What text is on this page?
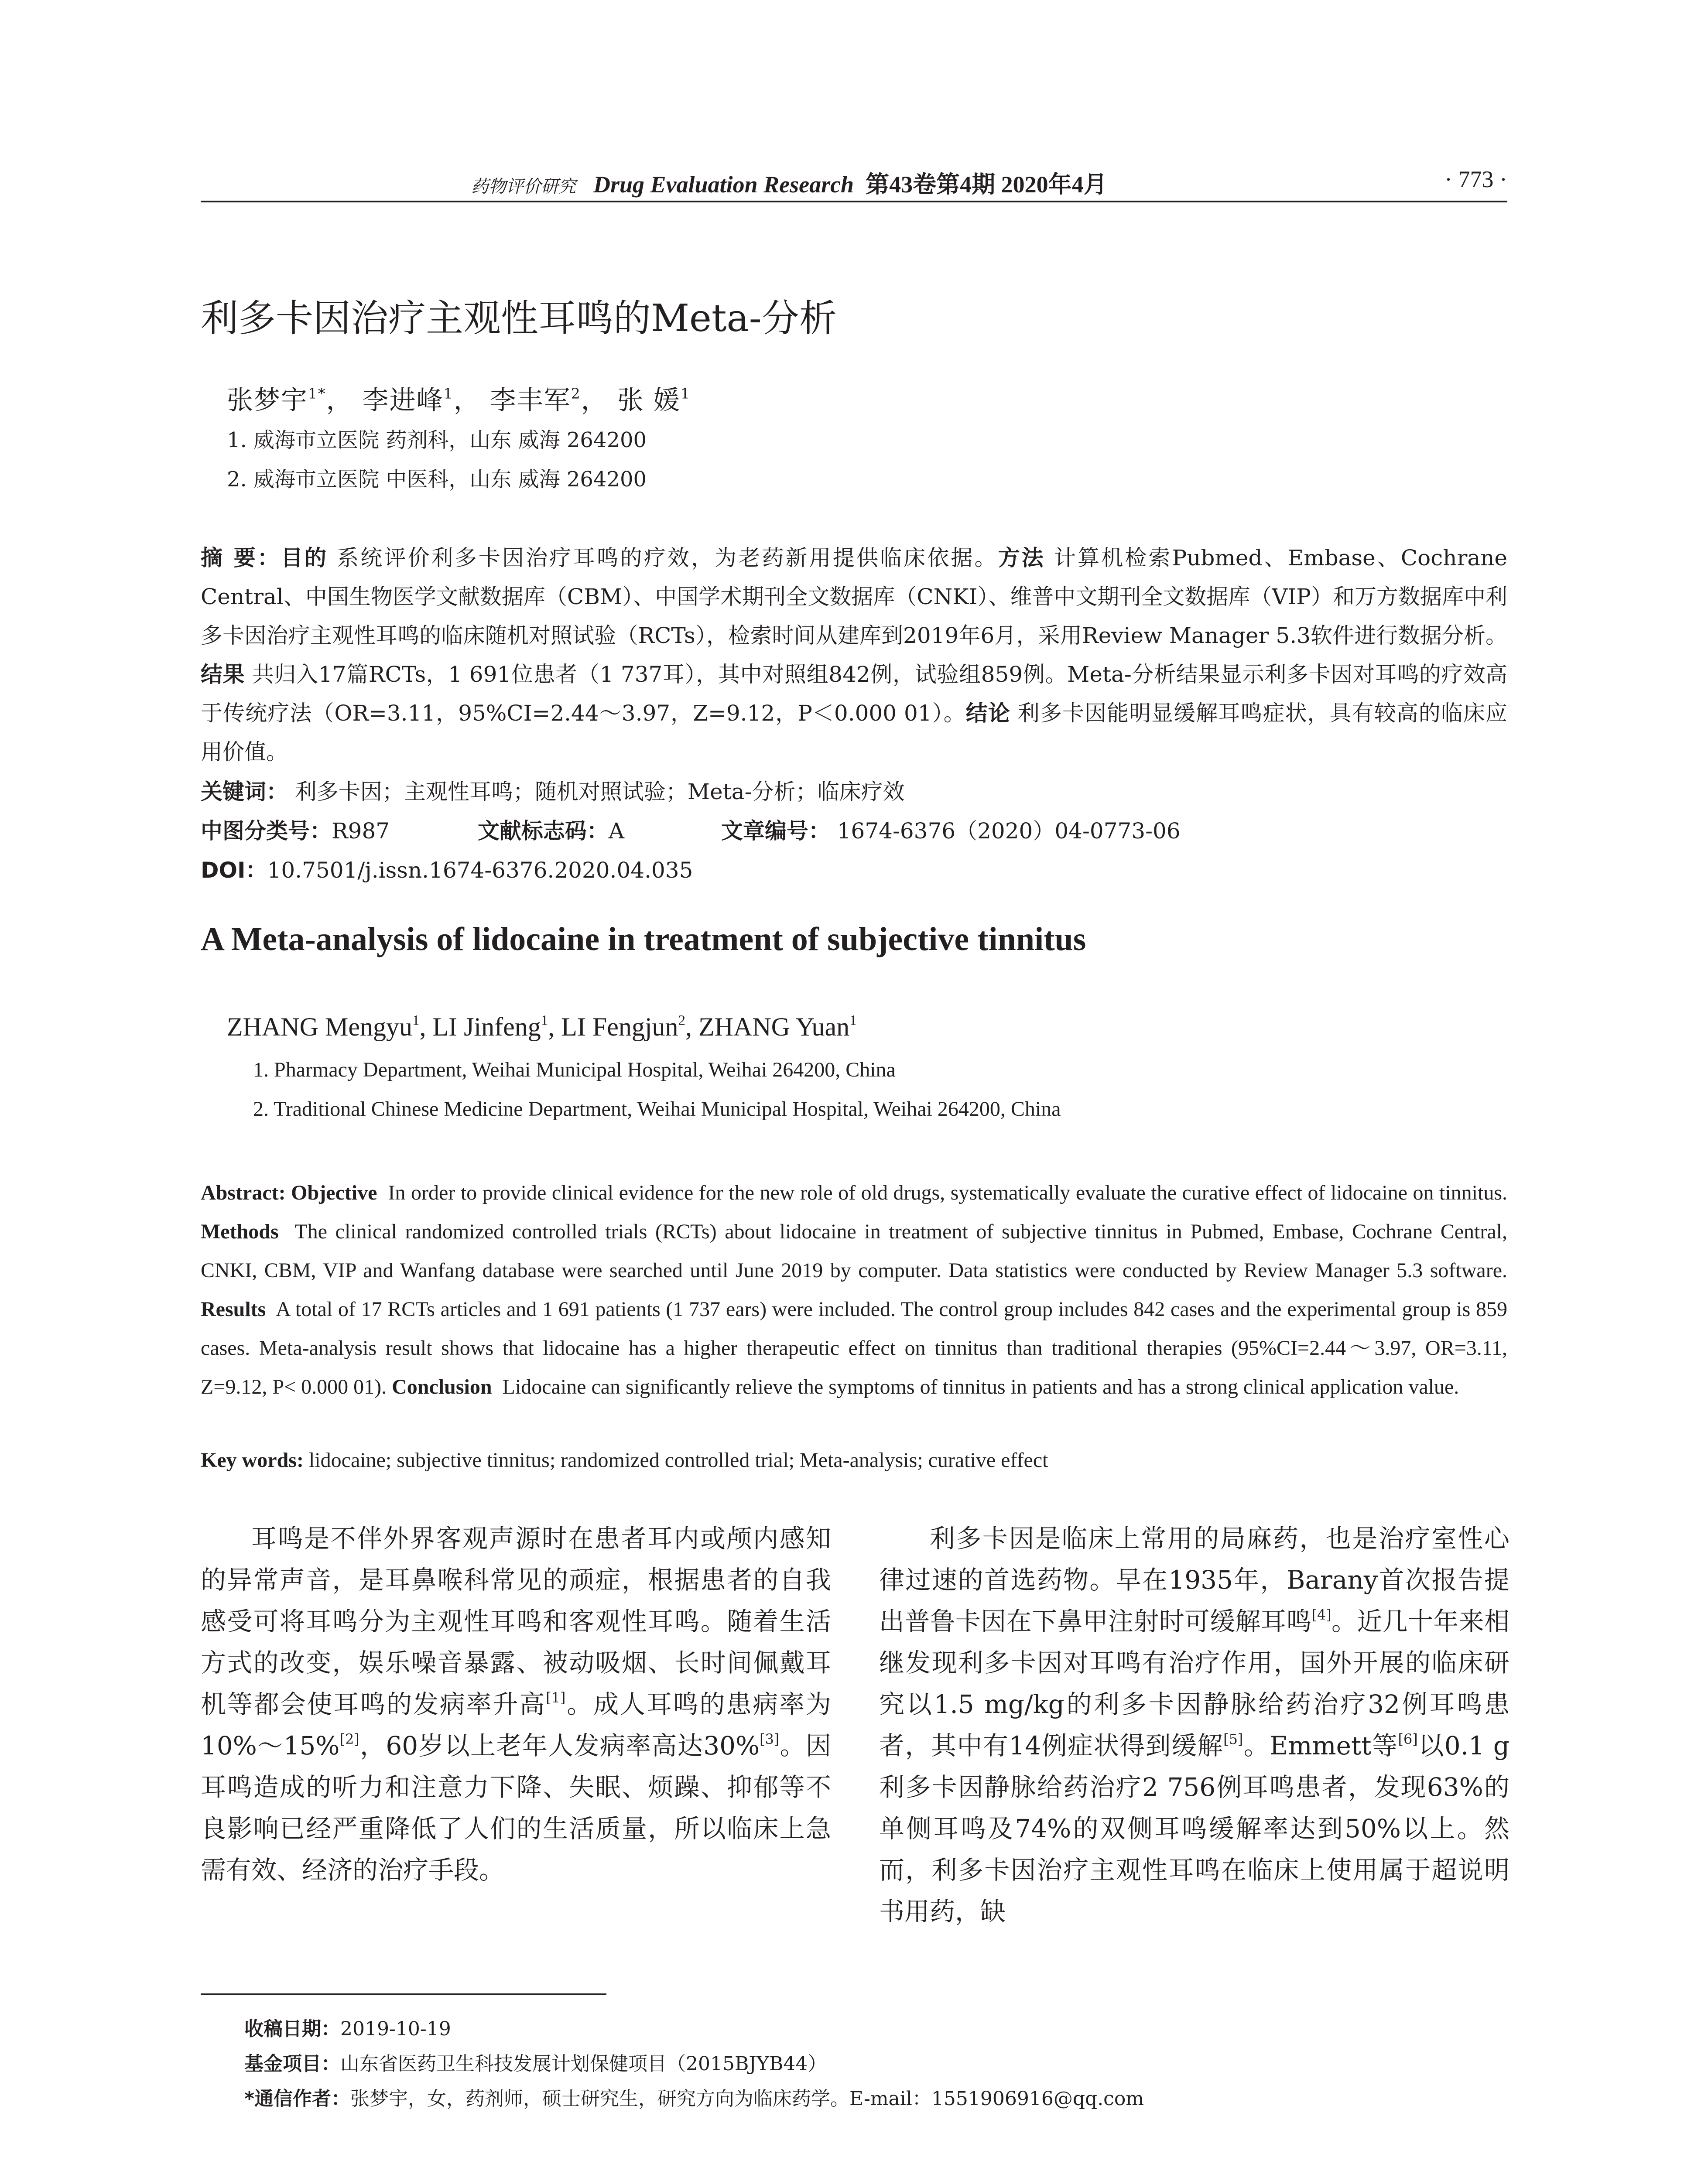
药物评价研究 Drug Evaluation Research 第43卷第4期 2020年4月	· 773 ·
利多卡因治疗主观性耳鸣的Meta-分析
张梦宇$^{1*}$， 李进峰$^1$， 李丰军$^2$， 张 媛$^1$
1. 威海市立医院 药剂科，山东 威海 264200
2. 威海市立医院 中医科，山东 威海 264200
摘 要：目的 系统评价利多卡因治疗耳鸣的疗效，为老药新用提供临床依据。方法 计算机检索Pubmed、Embase、Cochrane Central、中国生物医学文献数据库（CBM）、中国学术期刊全文数据库（CNKI）、维普中文期刊全文数据库（VIP）和万方数据库中利多卡因治疗主观性耳鸣的临床随机对照试验（RCTs），检索时间从建库到2019年6月，采用Review Manager 5.3软件进行数据分析。结果 共归入17篇RCTs，1 691位患者（1 737耳），其中对照组842例，试验组859例。Meta-分析结果显示利多卡因对耳鸣的疗效高于传统疗法（OR=3.11，95%CI=2.44～3.97，Z=9.12，P＜0.000 01）。结论 利多卡因能明显缓解耳鸣症状，具有较高的临床应用价值。
关键词： 利多卡因；主观性耳鸣；随机对照试验；Meta-分析；临床疗效
中图分类号：R987	文献标志码：A	文章编号： 1674-6376（2020）04-0773-06
DOI：10.7501/j.issn.1674-6376.2020.04.035
A Meta-analysis of lidocaine in treatment of subjective tinnitus
ZHANG Mengyu$^1$, LI Jinfeng$^1$, LI Fengjun$^2$, ZHANG Yuan$^1$
1. Pharmacy Department, Weihai Municipal Hospital, Weihai 264200, China
2. Traditional Chinese Medicine Department, Weihai Municipal Hospital, Weihai 264200, China
Abstract: Objective In order to provide clinical evidence for the new role of old drugs, systematically evaluate the curative effect of lidocaine on tinnitus. Methods The clinical randomized controlled trials (RCTs) about lidocaine in treatment of subjective tinnitus in Pubmed, Embase, Cochrane Central, CNKI, CBM, VIP and Wanfang database were searched until June 2019 by computer. Data statistics were conducted by Review Manager 5.3 software. Results A total of 17 RCTs articles and 1 691 patients (1 737 ears) were included. The control group includes 842 cases and the experimental group is 859 cases. Meta-analysis result shows that lidocaine has a higher therapeutic effect on tinnitus than traditional therapies (95%CI=2.44～3.97, OR=3.11, Z=9.12, P< 0.000 01). Conclusion Lidocaine can significantly relieve the symptoms of tinnitus in patients and has a strong clinical application value.
Key words: lidocaine; subjective tinnitus; randomized controlled trial; Meta-analysis; curative effect

耳鸣是不伴外界客观声源时在患者耳内或颅内感知的异常声音，是耳鼻喉科常见的顽症，根据患者的自我感受可将耳鸣分为主观性耳鸣和客观性耳鸣。随着生活方式的改变，娱乐噪音暴露、被动吸烟、长时间佩戴耳机等都会使耳鸣的发病率升高[1]。成人耳鸣的患病率为10%～15%[2]，60岁以上老年人发病率高达30%[3]。因耳鸣造成的听力和注意力下降、失眠、烦躁、抑郁等不良影响已经严重降低了人们的生活质量，所以临床上急需有效、经济的治疗手段。

利多卡因是临床上常用的局麻药，也是治疗室性心律过速的首选药物。早在1935年，Barany首次报告提出普鲁卡因在下鼻甲注射时可缓解耳鸣[4]。近几十年来相继发现利多卡因对耳鸣有治疗作用，国外开展的临床研究以1.5 mg/kg的利多卡因静脉给药治疗32例耳鸣患者，其中有14例症状得到缓解[5]。Emmett等[6]以0.1 g利多卡因静脉给药治疗2 756例耳鸣患者，发现63%的单侧耳鸣及74%的双侧耳鸣缓解率达到50%以上。然而，利多卡因治疗主观性耳鸣在临床上使用属于超说明书用药，缺

收稿日期：2019-10-19
基金项目：山东省医药卫生科技发展计划保健项目（2015BJYB44）
*通信作者：张梦宇，女，药剂师，硕士研究生，研究方向为临床药学。E-mail：1551906916@qq.com
